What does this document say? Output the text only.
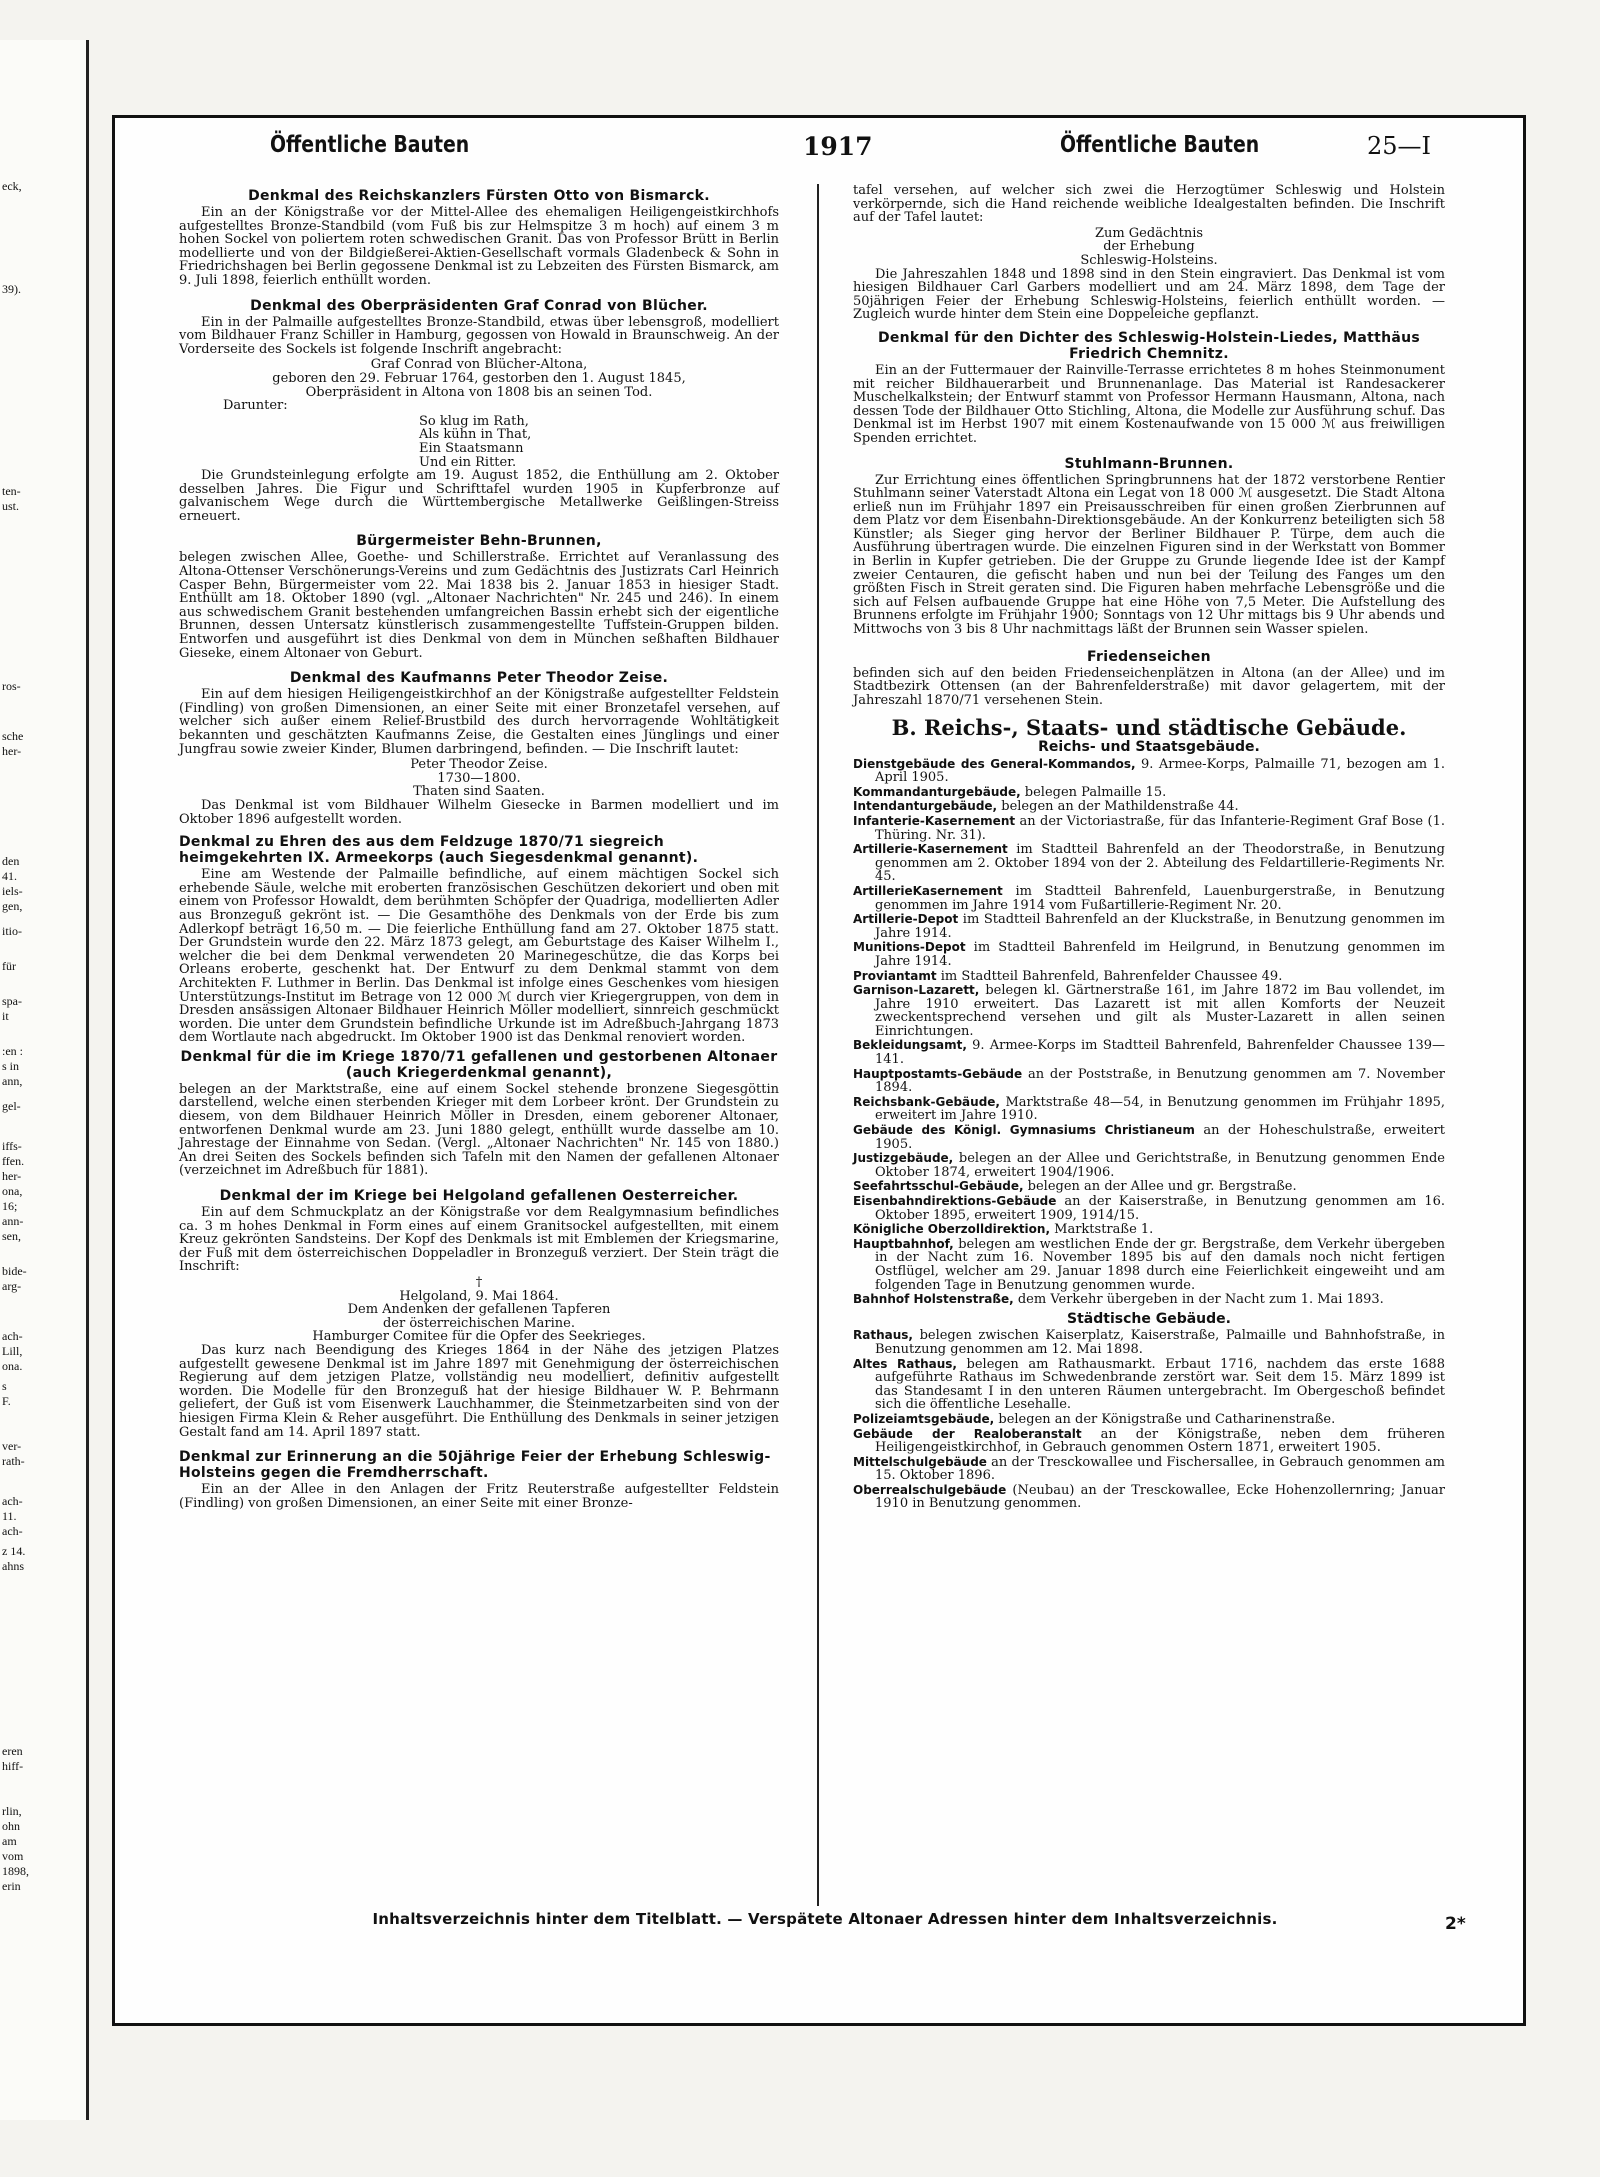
eck,
39).
ten-
ust.
ros-
sche
her-
den
41.
iels-
gen,
itio-
für
spa-
it
:en :
s in
ann,
gel-
iffs-
ffen.
her-
ona,
16;
ann-
sen,
bide-
arg-
ach-
Lill,
ona.
s
F.
ver-
rath-
ach-
11.
ach-
z 14.
ahns
eren
hiff-
rlin,
ohn
am
vom
1898,
erin
Öffentliche Bauten	1917	Öffentliche Bauten	25—I
Denkmal des Reichskanzlers Fürsten Otto von Bismarck.

Ein an der Königstraße vor der Mittel-Allee des ehemaligen Heiligengeistkirchhofs aufgestelltes Bronze-Standbild (vom Fuß bis zur Helmspitze 3 m hoch) auf einem 3 m hohen Sockel von poliertem roten schwedischen Granit. Das von Professor Brütt in Berlin modellierte und von der Bildgießerei-Aktien-Gesellschaft vormals Gladenbeck & Sohn in Friedrichshagen bei Berlin gegossene Denkmal ist zu Lebzeiten des Fürsten Bismarck, am 9. Juli 1898, feierlich enthüllt worden.

Denkmal des Oberpräsidenten Graf Conrad von Blücher.

Ein in der Palmaille aufgestelltes Bronze-Standbild, etwas über lebensgroß, modelliert vom Bildhauer Franz Schiller in Hamburg, gegossen von Howald in Braunschweig. An der Vorderseite des Sockels ist folgende Inschrift angebracht:

Graf Conrad von Blücher-Altona,

geboren den 29. Februar 1764, gestorben den 1. August 1845,

Oberpräsident in Altona von 1808 bis an seinen Tod.

Darunter:

So klug im Rath,

Als kühn in That,

Ein Staatsmann

Und ein Ritter.

Die Grundsteinlegung erfolgte am 19. August 1852, die Enthüllung am 2. Oktober desselben Jahres. Die Figur und Schrifttafel wurden 1905 in Kupferbronze auf galvanischem Wege durch die Württembergische Metallwerke Geißlingen-Streiss erneuert.

Bürgermeister Behn-Brunnen,

belegen zwischen Allee, Goethe- und Schillerstraße. Errichtet auf Veranlassung des Altona-Ottenser Verschönerungs-Vereins und zum Gedächtnis des Justizrats Carl Heinrich Casper Behn, Bürgermeister vom 22. Mai 1838 bis 2. Januar 1853 in hiesiger Stadt. Enthüllt am 18. Oktober 1890 (vgl. „Altonaer Nachrichten" Nr. 245 und 246). In einem aus schwedischem Granit bestehenden umfangreichen Bassin erhebt sich der eigentliche Brunnen, dessen Untersatz künstlerisch zusammengestellte Tuffstein-Gruppen bilden. Entworfen und ausgeführt ist dies Denkmal von dem in München seßhaften Bildhauer Gieseke, einem Altonaer von Geburt.

Denkmal des Kaufmanns Peter Theodor Zeise.

Ein auf dem hiesigen Heiligengeistkirchhof an der Königstraße aufgestellter Feldstein (Findling) von großen Dimensionen, an einer Seite mit einer Bronzetafel versehen, auf welcher sich außer einem Relief-Brustbild des durch hervorragende Wohltätigkeit bekannten und geschätzten Kaufmanns Zeise, die Gestalten eines Jünglings und einer Jungfrau sowie zweier Kinder, Blumen darbringend, befinden. — Die Inschrift lautet:

Peter Theodor Zeise.

1730—1800.

Thaten sind Saaten.

Das Denkmal ist vom Bildhauer Wilhelm Giesecke in Barmen modelliert und im Oktober 1896 aufgestellt worden.

Denkmal zu Ehren des aus dem Feldzuge 1870/71 siegreich heimgekehrten IX. Armeekorps (auch Siegesdenkmal genannt).

Eine am Westende der Palmaille befindliche, auf einem mächtigen Sockel sich erhebende Säule, welche mit eroberten französischen Geschützen dekoriert und oben mit einem von Professor Howaldt, dem berühmten Schöpfer der Quadriga, modellierten Adler aus Bronzeguß gekrönt ist. — Die Gesamthöhe des Denkmals von der Erde bis zum Adlerkopf beträgt 16,50 m. — Die feierliche Enthüllung fand am 27. Oktober 1875 statt. Der Grundstein wurde den 22. März 1873 gelegt, am Geburtstage des Kaiser Wilhelm I., welcher die bei dem Denkmal verwendeten 20 Marinegeschütze, die das Korps bei Orleans eroberte, geschenkt hat. Der Entwurf zu dem Denkmal stammt von dem Architekten F. Luthmer in Berlin. Das Denkmal ist infolge eines Geschenkes vom hiesigen Unterstützungs-Institut im Betrage von 12 000 ℳ durch vier Kriegergruppen, von dem in Dresden ansässigen Altonaer Bildhauer Heinrich Möller modelliert, sinnreich geschmückt worden. Die unter dem Grundstein befindliche Urkunde ist im Adreßbuch-Jahrgang 1873 dem Wortlaute nach abgedruckt. Im Oktober 1900 ist das Denkmal renoviert worden.

Denkmal für die im Kriege 1870/71 gefallenen und gestorbenen Altonaer (auch Kriegerdenkmal genannt),

belegen an der Marktstraße, eine auf einem Sockel stehende bronzene Siegesgöttin darstellend, welche einen sterbenden Krieger mit dem Lorbeer krönt. Der Grundstein zu diesem, von dem Bildhauer Heinrich Möller in Dresden, einem geborener Altonaer, entworfenen Denkmal wurde am 23. Juni 1880 gelegt, enthüllt wurde dasselbe am 10. Jahrestage der Einnahme von Sedan. (Vergl. „Altonaer Nachrichten" Nr. 145 von 1880.) An drei Seiten des Sockels befinden sich Tafeln mit den Namen der gefallenen Altonaer (verzeichnet im Adreßbuch für 1881).

Denkmal der im Kriege bei Helgoland gefallenen Oesterreicher.

Ein auf dem Schmuckplatz an der Königstraße vor dem Realgymnasium befindliches ca. 3 m hohes Denkmal in Form eines auf einem Granitsockel aufgestellten, mit einem Kreuz gekrönten Sandsteins. Der Kopf des Denkmals ist mit Emblemen der Kriegsmarine, der Fuß mit dem österreichischen Doppeladler in Bronzeguß verziert. Der Stein trägt die Inschrift:

†

Helgoland, 9. Mai 1864.

Dem Andenken der gefallenen Tapferen

der österreichischen Marine.

Hamburger Comitee für die Opfer des Seekrieges.

Das kurz nach Beendigung des Krieges 1864 in der Nähe des jetzigen Platzes aufgestellt gewesene Denkmal ist im Jahre 1897 mit Genehmigung der österreichischen Regierung auf dem jetzigen Platze, vollständig neu modelliert, definitiv aufgestellt worden. Die Modelle für den Bronzeguß hat der hiesige Bildhauer W. P. Behrmann geliefert, der Guß ist vom Eisenwerk Lauchhammer, die Steinmetzarbeiten sind von der hiesigen Firma Klein & Reher ausgeführt. Die Enthüllung des Denkmals in seiner jetzigen Gestalt fand am 14. April 1897 statt.

Denkmal zur Erinnerung an die 50jährige Feier der Erhebung Schleswig-Holsteins gegen die Fremdherrschaft.

Ein an der Allee in den Anlagen der Fritz Reuterstraße aufgestellter Feldstein (Findling) von großen Dimensionen, an einer Seite mit einer Bronze-

tafel versehen, auf welcher sich zwei die Herzogtümer Schleswig und Holstein verkörpernde, sich die Hand reichende weibliche Idealgestalten befinden. Die Inschrift auf der Tafel lautet:

Zum Gedächtnis

der Erhebung

Schleswig-Holsteins.

Die Jahreszahlen 1848 und 1898 sind in den Stein eingraviert. Das Denkmal ist vom hiesigen Bildhauer Carl Garbers modelliert und am 24. März 1898, dem Tage der 50jährigen Feier der Erhebung Schleswig-Holsteins, feierlich enthüllt worden. — Zugleich wurde hinter dem Stein eine Doppeleiche gepflanzt.

Denkmal für den Dichter des Schleswig-Holstein-Liedes, Matthäus Friedrich Chemnitz.

Ein an der Futtermauer der Rainville-Terrasse errichtetes 8 m hohes Steinmonument mit reicher Bildhauerarbeit und Brunnenanlage. Das Material ist Randesackerer Muschelkalkstein; der Entwurf stammt von Professor Hermann Hausmann, Altona, nach dessen Tode der Bildhauer Otto Stichling, Altona, die Modelle zur Ausführung schuf. Das Denkmal ist im Herbst 1907 mit einem Kostenaufwande von 15 000 ℳ aus freiwilligen Spenden errichtet.

Stuhlmann-Brunnen.

Zur Errichtung eines öffentlichen Springbrunnens hat der 1872 verstorbene Rentier Stuhlmann seiner Vaterstadt Altona ein Legat von 18 000 ℳ ausgesetzt. Die Stadt Altona erließ nun im Frühjahr 1897 ein Preisausschreiben für einen großen Zierbrunnen auf dem Platz vor dem Eisenbahn-Direktionsgebäude. An der Konkurrenz beteiligten sich 58 Künstler; als Sieger ging hervor der Berliner Bildhauer P. Türpe, dem auch die Ausführung übertragen wurde. Die einzelnen Figuren sind in der Werkstatt von Bommer in Berlin in Kupfer getrieben. Die der Gruppe zu Grunde liegende Idee ist der Kampf zweier Centauren, die gefischt haben und nun bei der Teilung des Fanges um den größten Fisch in Streit geraten sind. Die Figuren haben mehrfache Lebensgröße und die sich auf Felsen aufbauende Gruppe hat eine Höhe von 7,5 Meter. Die Aufstellung des Brunnens erfolgte im Frühjahr 1900; Sonntags von 12 Uhr mittags bis 9 Uhr abends und Mittwochs von 3 bis 8 Uhr nachmittags läßt der Brunnen sein Wasser spielen.

Friedenseichen

befinden sich auf den beiden Friedenseichenplätzen in Altona (an der Allee) und im Stadtbezirk Ottensen (an der Bahrenfelderstraße) mit davor gelagertem, mit der Jahreszahl 1870/71 versehenen Stein.

B. Reichs-, Staats- und städtische Gebäude.
Reichs- und Staatsgebäude.

Dienstgebäude des General-Kommandos, 9. Armee-Korps, Palmaille 71, bezogen am 1. April 1905.

Kommandanturgebäude, belegen Palmaille 15.

Intendanturgebäude, belegen an der Mathildenstraße 44.

Infanterie-Kasernement an der Victoriastraße, für das Infanterie-Regiment Graf Bose (1. Thüring. Nr. 31).

Artillerie-Kasernement im Stadtteil Bahrenfeld an der Theodorstraße, in Benutzung genommen am 2. Oktober 1894 von der 2. Abteilung des Feldartillerie-Regiments Nr. 45.

ArtillerieKasernement im Stadtteil Bahrenfeld, Lauenburgerstraße, in Benutzung genommen im Jahre 1914 vom Fußartillerie-Regiment Nr. 20.

Artillerie-Depot im Stadtteil Bahrenfeld an der Kluckstraße, in Benutzung genommen im Jahre 1914.

Munitions-Depot im Stadtteil Bahrenfeld im Heilgrund, in Benutzung genommen im Jahre 1914.

Proviantamt im Stadtteil Bahrenfeld, Bahrenfelder Chaussee 49.

Garnison-Lazarett, belegen kl. Gärtnerstraße 161, im Jahre 1872 im Bau vollendet, im Jahre 1910 erweitert. Das Lazarett ist mit allen Komforts der Neuzeit zweckentsprechend versehen und gilt als Muster-Lazarett in allen seinen Einrichtungen.

Bekleidungsamt, 9. Armee-Korps im Stadtteil Bahrenfeld, Bahrenfelder Chaussee 139—141.

Hauptpostamts-Gebäude an der Poststraße, in Benutzung genommen am 7. November 1894.

Reichsbank-Gebäude, Marktstraße 48—54, in Benutzung genommen im Frühjahr 1895, erweitert im Jahre 1910.

Gebäude des Königl. Gymnasiums Christianeum an der Hoheschulstraße, erweitert 1905.

Justizgebäude, belegen an der Allee und Gerichtstraße, in Benutzung genommen Ende Oktober 1874, erweitert 1904/1906.

Seefahrtsschul-Gebäude, belegen an der Allee und gr. Bergstraße.

Eisenbahndirektions-Gebäude an der Kaiserstraße, in Benutzung genommen am 16. Oktober 1895, erweitert 1909, 1914/15.

Königliche Oberzolldirektion, Marktstraße 1.

Hauptbahnhof, belegen am westlichen Ende der gr. Bergstraße, dem Verkehr übergeben in der Nacht zum 16. November 1895 bis auf den damals noch nicht fertigen Ostflügel, welcher am 29. Januar 1898 durch eine Feierlichkeit eingeweiht und am folgenden Tage in Benutzung genommen wurde.

Bahnhof Holstenstraße, dem Verkehr übergeben in der Nacht zum 1. Mai 1893.

Städtische Gebäude.

Rathaus, belegen zwischen Kaiserplatz, Kaiserstraße, Palmaille und Bahnhofstraße, in Benutzung genommen am 12. Mai 1898.

Altes Rathaus, belegen am Rathausmarkt. Erbaut 1716, nachdem das erste 1688 aufgeführte Rathaus im Schwedenbrande zerstört war. Seit dem 15. März 1899 ist das Standesamt I in den unteren Räumen untergebracht. Im Obergeschoß befindet sich die öffentliche Lesehalle.

Polizeiamtsgebäude, belegen an der Königstraße und Catharinenstraße.

Gebäude der Realoberanstalt an der Königstraße, neben dem früheren Heiligengeistkirchhof, in Gebrauch genommen Ostern 1871, erweitert 1905.

Mittelschulgebäude an der Tresckowallee und Fischersallee, in Gebrauch genommen am 15. Oktober 1896.

Oberrealschulgebäude (Neubau) an der Tresckowallee, Ecke Hohenzollernring; Januar 1910 in Benutzung genommen.

Inhaltsverzeichnis hinter dem Titelblatt. — Verspätete Altonaer Adressen hinter dem Inhaltsverzeichnis.	2*
